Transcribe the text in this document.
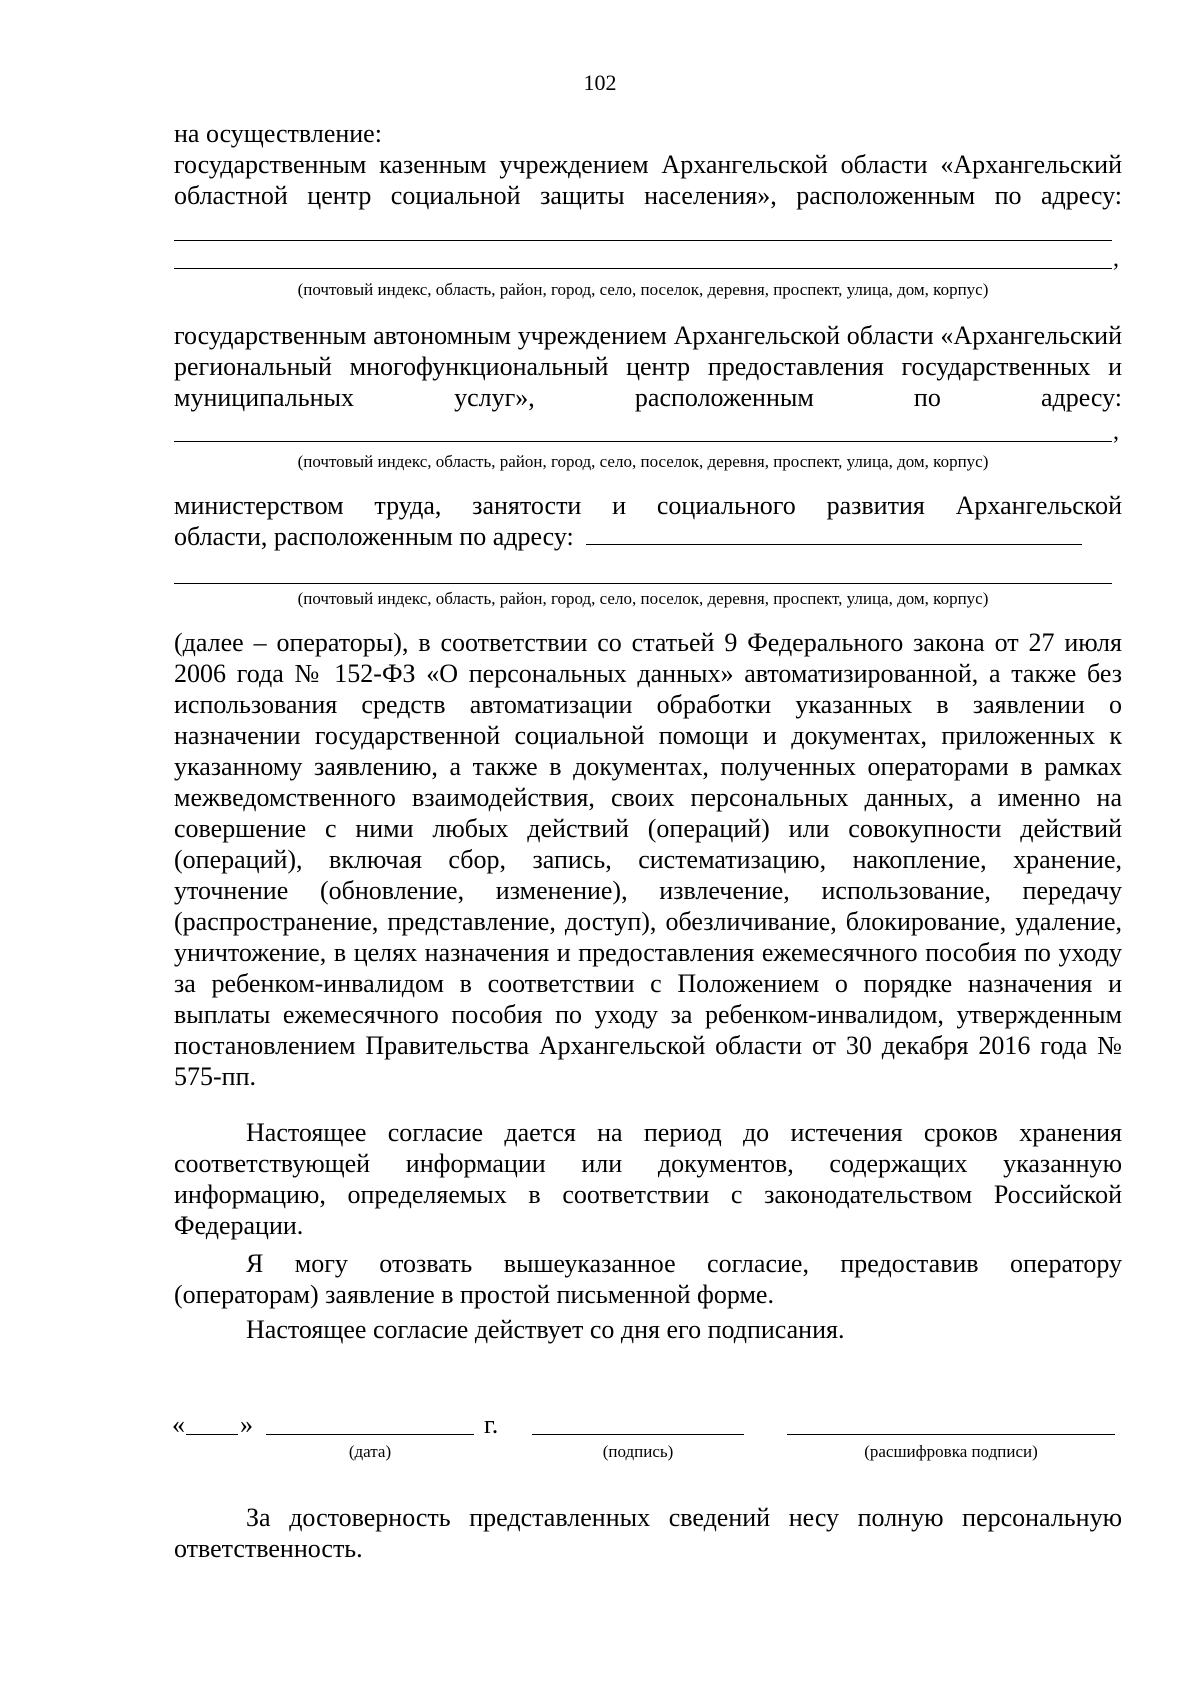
102
на осуществление:
государственным казенным учреждением Архангельской области «Архангельский областной центр социальной защиты населения», расположенным по адресу:
,
(почтовый индекс, область, район, город, село, поселок, деревня, проспект, улица, дом, корпус)
государственным автономным учреждением Архангельской области «Архангельский региональный многофункциональный центр предоставления государственных и муниципальных услуг», расположенным по адресу:
,
(почтовый индекс, область, район, город, село, поселок, деревня, проспект, улица, дом, корпус)
министерством труда, занятости и социального развития Архангельской
области, расположенным по адресу:
(почтовый индекс, область, район, город, село, поселок, деревня, проспект, улица, дом, корпус)
(далее – операторы), в соответствии со статьей 9 Федерального закона от 27 июля 2006 года № 152-ФЗ «О персональных данных» автоматизированной, а также без использования средств автоматизации обработки указанных в заявлении о назначении государственной социальной помощи и документах, приложенных к указанному заявлению, а также в документах, полученных операторами в рамках межведомственного взаимодействия, своих персональных данных, а именно на совершение с ними любых действий (операций) или совокупности действий (операций), включая сбор, запись, систематизацию, накопление, хранение, уточнение (обновление, изменение), извлечение, использование, передачу (распространение, представление, доступ), обезличивание, блокирование, удаление, уничтожение, в целях назначения и предоставления ежемесячного пособия по уходу за ребенком-инвалидом в соответствии с Положением о порядке назначения и выплаты ежемесячного пособия по уходу за ребенком-инвалидом, утвержденным постановлением Правительства Архангельской области от 30 декабря 2016 года № 575-пп.
Настоящее согласие дается на период до истечения сроков хранения соответствующей информации или документов, содержащих указанную информацию, определяемых в соответствии с законодательством Российской Федерации.
Я могу отозвать вышеуказанное согласие, предоставив оператору (операторам) заявление в простой письменной форме.
Настоящее согласие действует со дня его подписания.
« »	г.
(дата)	(подпись)	(расшифровка подписи)
За достоверность представленных сведений несу полную персональную ответственность.
